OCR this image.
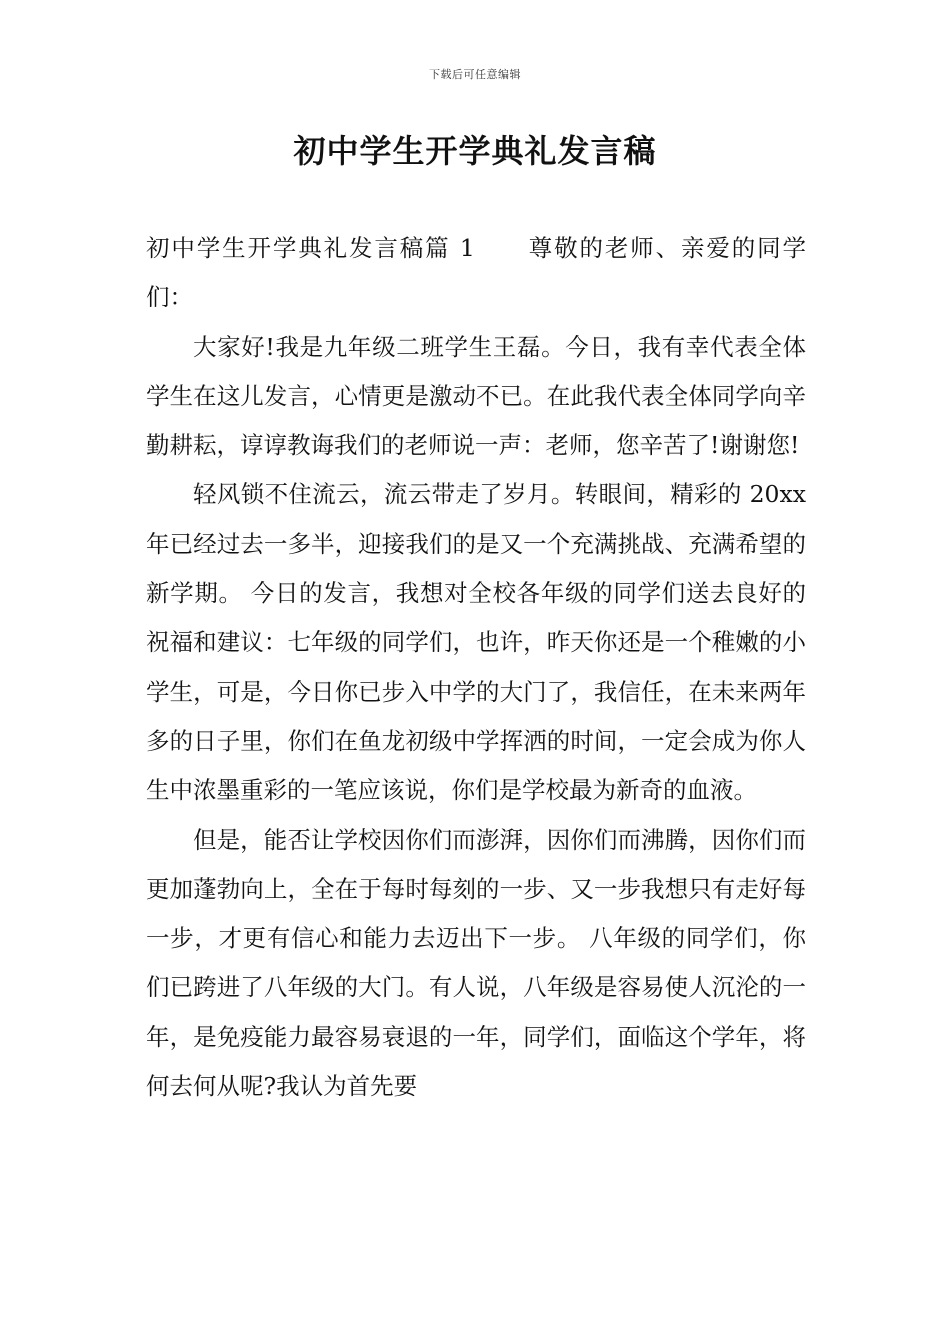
下载后可任意编辑
初中学生开学典礼发言稿

初中学生开学典礼发言稿篇 1 尊敬的老师、亲爱的同学们：

大家好!我是九年级二班学生王磊。今日，我有幸代表全体学生在这儿发言，心情更是激动不已。在此我代表全体同学向辛勤耕耘，谆谆教诲我们的老师说一声：老师，您辛苦了!谢谢您!

轻风锁不住流云，流云带走了岁月。转眼间，精彩的 20xx 年已经过去一多半，迎接我们的是又一个充满挑战、充满希望的新学期。 今日的发言，我想对全校各年级的同学们送去良好的祝福和建议：七年级的同学们，也许，昨天你还是一个稚嫩的小学生，可是，今日你已步入中学的大门了，我信任，在未来两年多的日子里，你们在鱼龙初级中学挥洒的时间，一定会成为你人生中浓墨重彩的一笔应该说，你们是学校最为新奇的血液。

但是，能否让学校因你们而澎湃，因你们而沸腾，因你们而更加蓬勃向上，全在于每时每刻的一步、又一步我想只有走好每一步，才更有信心和能力去迈出下一步。 八年级的同学们，你们已跨进了八年级的大门。有人说，八年级是容易使人沉沦的一年，是免疫能力最容易衰退的一年，同学们，面临这个学年，将何去何从呢?我认为首先要
